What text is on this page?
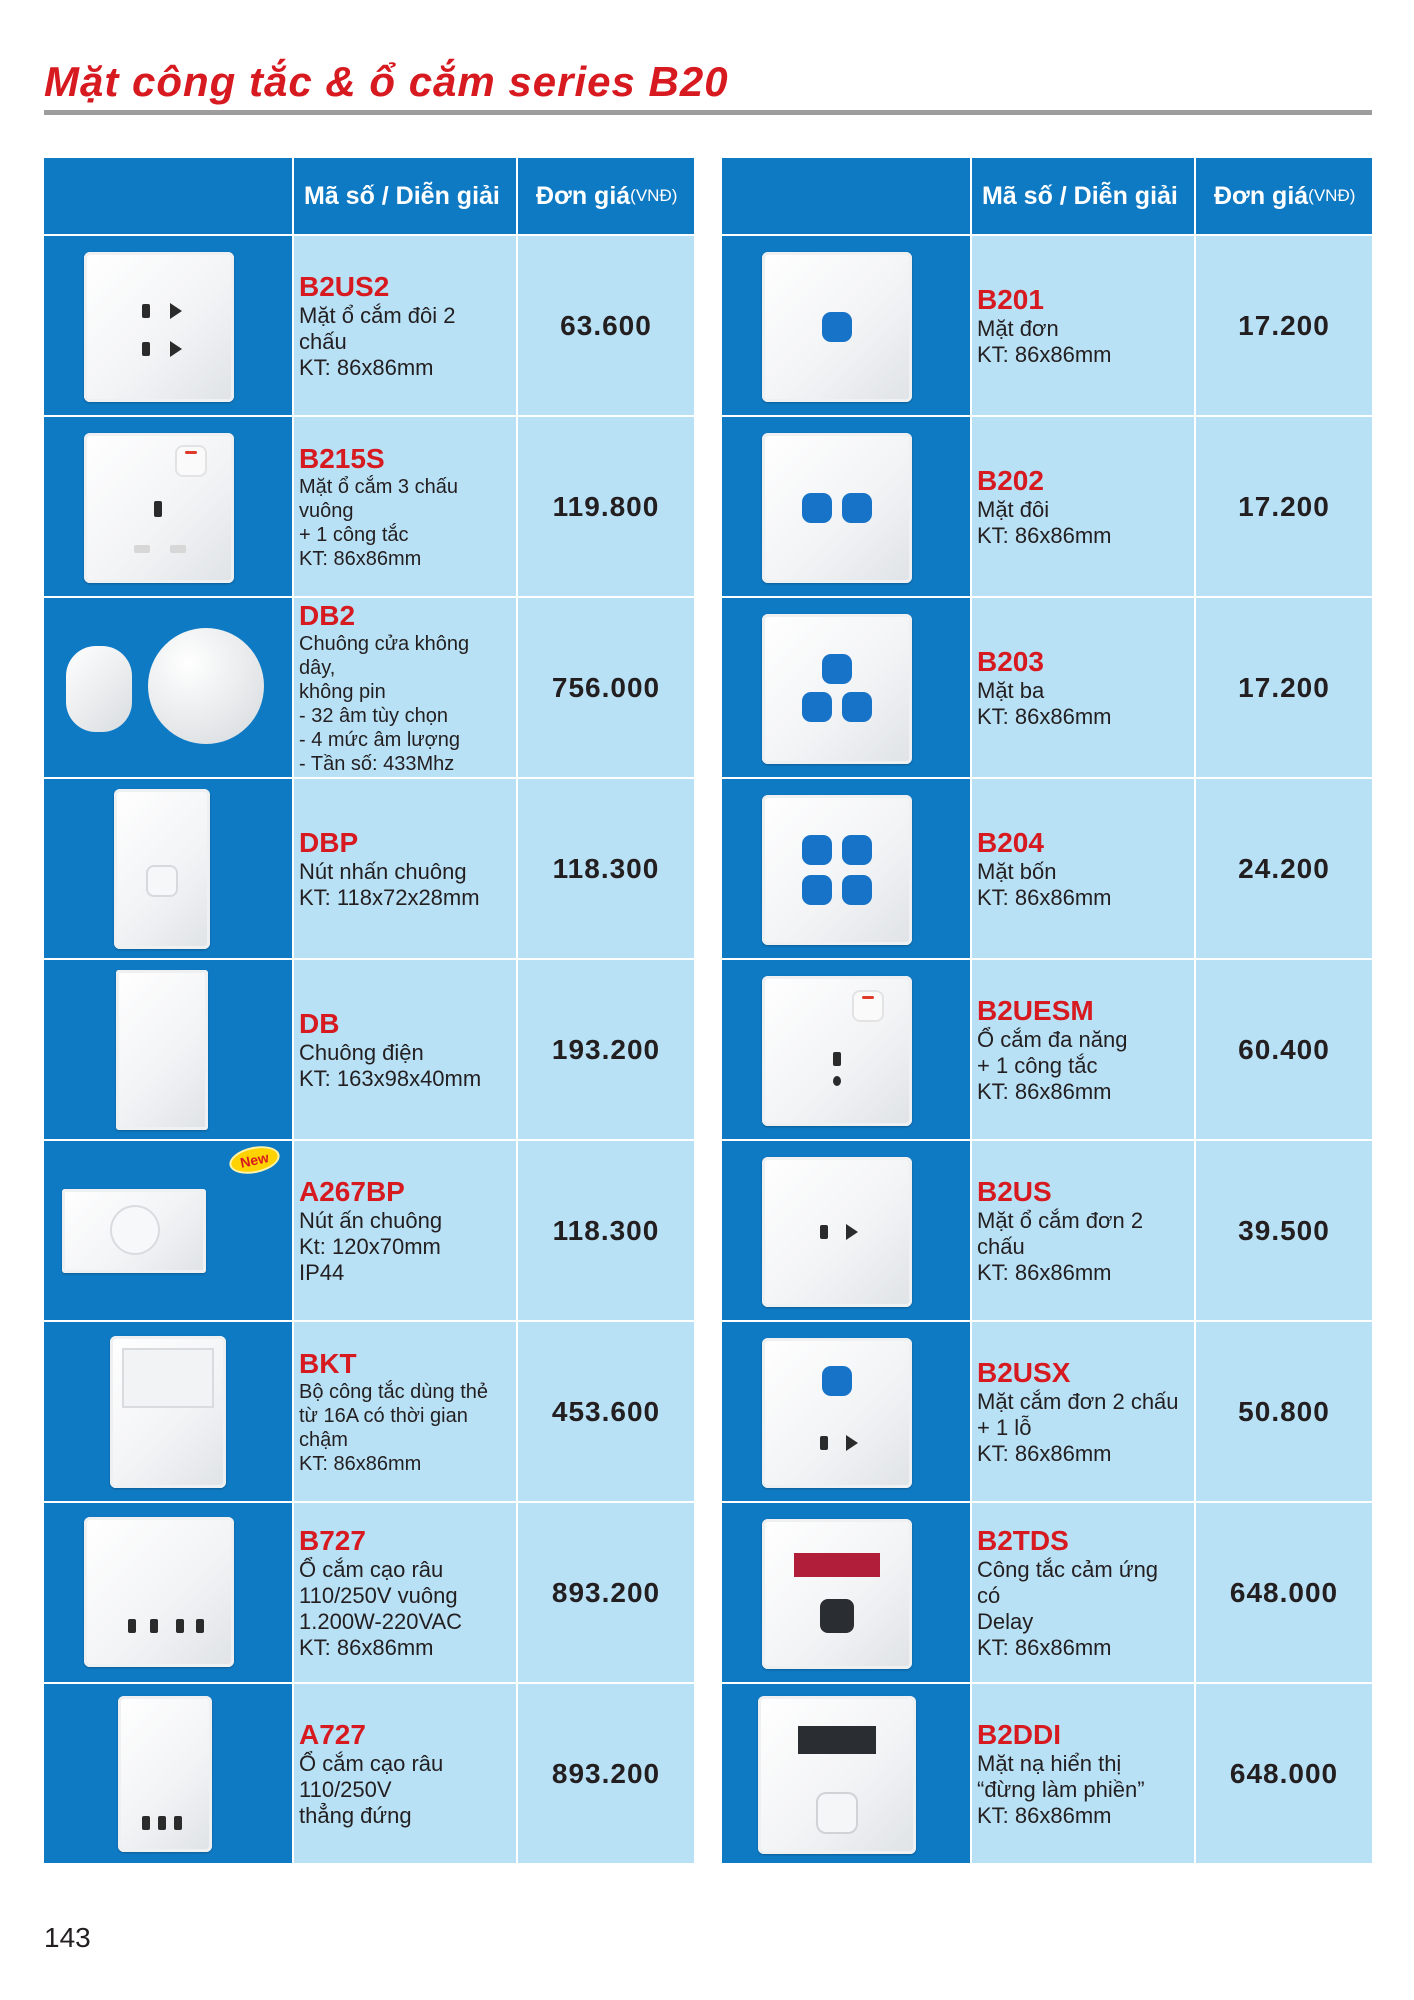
Mặt công tắc & ổ cắm series B20
Mã số / Diễn giải	Đơn giá (VNĐ)
B2US2
Mặt ổ cắm đôi 2 chấu
KT: 86x86mm
63.600
B215S
Mặt ổ cắm 3 chấu vuông
+ 1 công tắc
KT: 86x86mm
119.800
DB2
Chuông cửa không dây,
không pin
- 32 âm tùy chọn
- 4 mức âm lượng
- Tần số: 433Mhz
756.000
DBP
Nút nhấn chuông
KT: 118x72x28mm
118.300
DB
Chuông điện
KT: 163x98x40mm
193.200
New
A267BP
Nút ấn chuông
Kt: 120x70mm
IP44
118.300
BKT
Bộ công tắc dùng thẻ
từ 16A có thời gian chậm
KT: 86x86mm
453.600
B727
Ổ cắm cạo râu
110/250V vuông
1.200W-220VAC
KT: 86x86mm
893.200
A727
Ổ cắm cạo râu
110/250V
thẳng đứng
893.200
Mã số / Diễn giải	Đơn giá (VNĐ)
B201
Mặt đơn
KT: 86x86mm
17.200
B202
Mặt đôi
KT: 86x86mm
17.200
B203
Mặt ba
KT: 86x86mm
17.200
B204
Mặt bốn
KT: 86x86mm
24.200
B2UESM
Ổ cắm đa năng
+ 1 công tắc
KT: 86x86mm
60.400
B2US
Mặt ổ cắm đơn 2
chấu
KT: 86x86mm
39.500
B2USX
Mặt cắm đơn 2 chấu
+ 1 lỗ
KT: 86x86mm
50.800
B2TDS
Công tắc cảm ứng có
Delay
KT: 86x86mm
648.000
B2DDI
Mặt nạ hiển thị
“đừng làm phiền”
KT: 86x86mm
648.000
143
